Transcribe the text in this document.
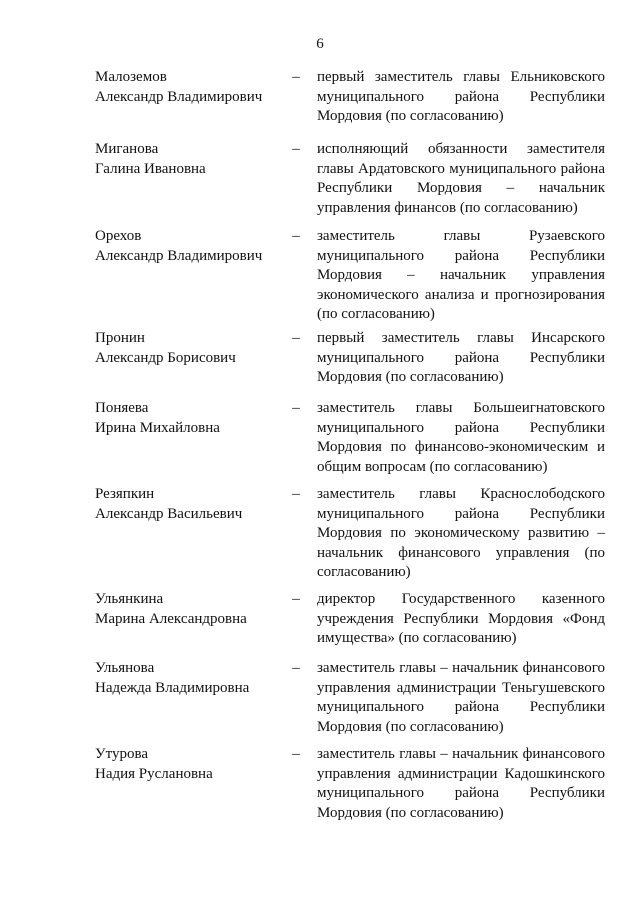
6
Малоземов
Александр Владимирович
– первый заместитель главы Ельниковского муниципального района Республики Мордовия (по согласованию)
Миганова
Галина Ивановна
– исполняющий обязанности заместителя главы Ардатовского муниципального района Республики Мордовия – начальник управления финансов (по согласованию)
Орехов
Александр Владимирович
– заместитель главы Рузаевского муниципального района Республики Мордовия – начальник управления экономического анализа и прогнозирования (по согласованию)
Пронин
Александр Борисович
– первый заместитель главы Инсарского муниципального района Республики Мордовия (по согласованию)
Поняева
Ирина Михайловна
– заместитель главы Большеигнатовского муниципального района Республики Мордовия по финансово-экономическим и общим вопросам (по согласованию)
Резяпкин
Александр Васильевич
– заместитель главы Краснослободского муниципального района Республики Мордовия по экономическому развитию – начальник финансового управления (по согласованию)
Ульянкина
Марина Александровна
– директор Государственного казенного учреждения Республики Мордовия «Фонд имущества» (по согласованию)
Ульянова
Надежда Владимировна
– заместитель главы – начальник финансового управления администрации Теньгушевского муниципального района Республики Мордовия (по согласованию)
Утурова
Надия Руслановна
– заместитель главы – начальник финансового управления администрации Кадошкинского муниципального района Республики Мордовия (по согласованию)
